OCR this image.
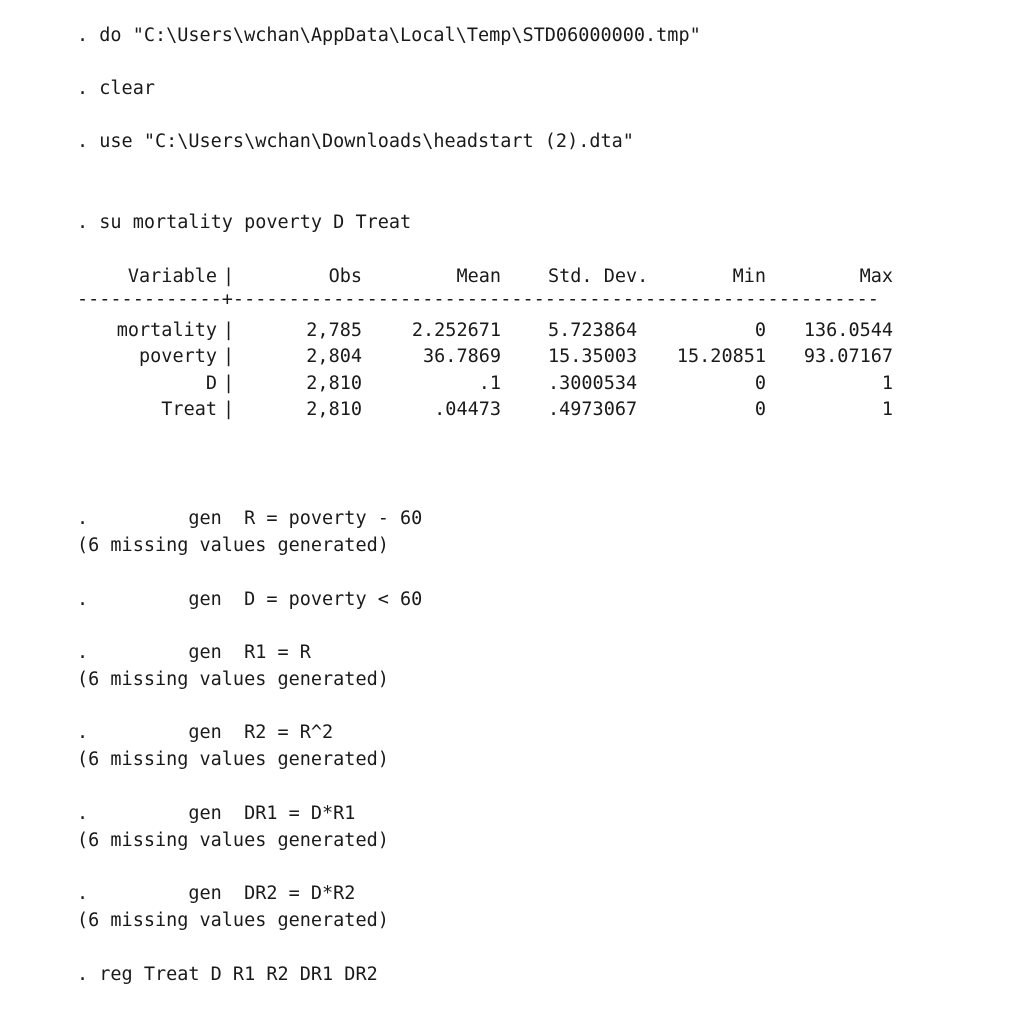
. do "C:\Users\wchan\AppData\Local\Temp\STD06000000.tmp"

. clear

. use "C:\Users\wchan\Downloads\headstart (2).dta"

. su mortality poverty D Treat

Variable |	Obs	Mean	Std. Dev.	Min	Max
-------------+----------------------------------------------------------
mortality |	2,785	2.252671	5.723864	0 136.0544
poverty |	2,804	36.7869	15.35003 15.20851 93.07167
D |	2,810	.1	.3000534	0	1
Treat |	2,810	.04473	.4973067	0	1

.         gen  R = poverty - 60

(6 missing values generated)

.         gen  D = poverty < 60

.         gen  R1 = R

(6 missing values generated)

.         gen  R2 = R^2

(6 missing values generated)

.         gen  DR1 = D*R1

(6 missing values generated)

.         gen  DR2 = D*R2

(6 missing values generated)

. reg Treat D R1 R2 DR1 DR2
